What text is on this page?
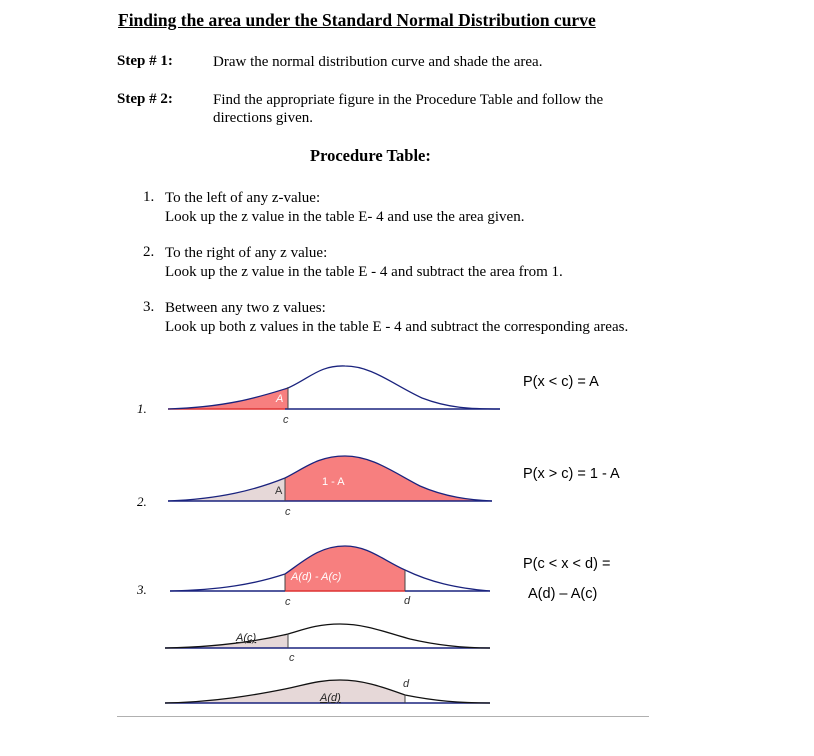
Finding the area under the Standard Normal Distribution curve
Step # 1:	Draw the normal distribution curve and shade the area.
Step # 2:	Find the appropriate figure in the Procedure Table and follow the directions given.
Procedure Table:
1. To the left of any z-value:
Look up the z value in the table E- 4 and use the area given.
2. To the right of any z value:
Look up the z value in the table E - 4 and subtract the area from 1.
3. Between any two z values:
Look up both z values in the table E - 4 and subtract the corresponding areas.
1.
2.
3.
P(x < c) = A
P(x > c) = 1 - A
P(c < x < d) =
A(d) – A(c)
A
c
1 - A
A
c
A(d) - A(c)
c	d
A(c)
c
A(d)
d
